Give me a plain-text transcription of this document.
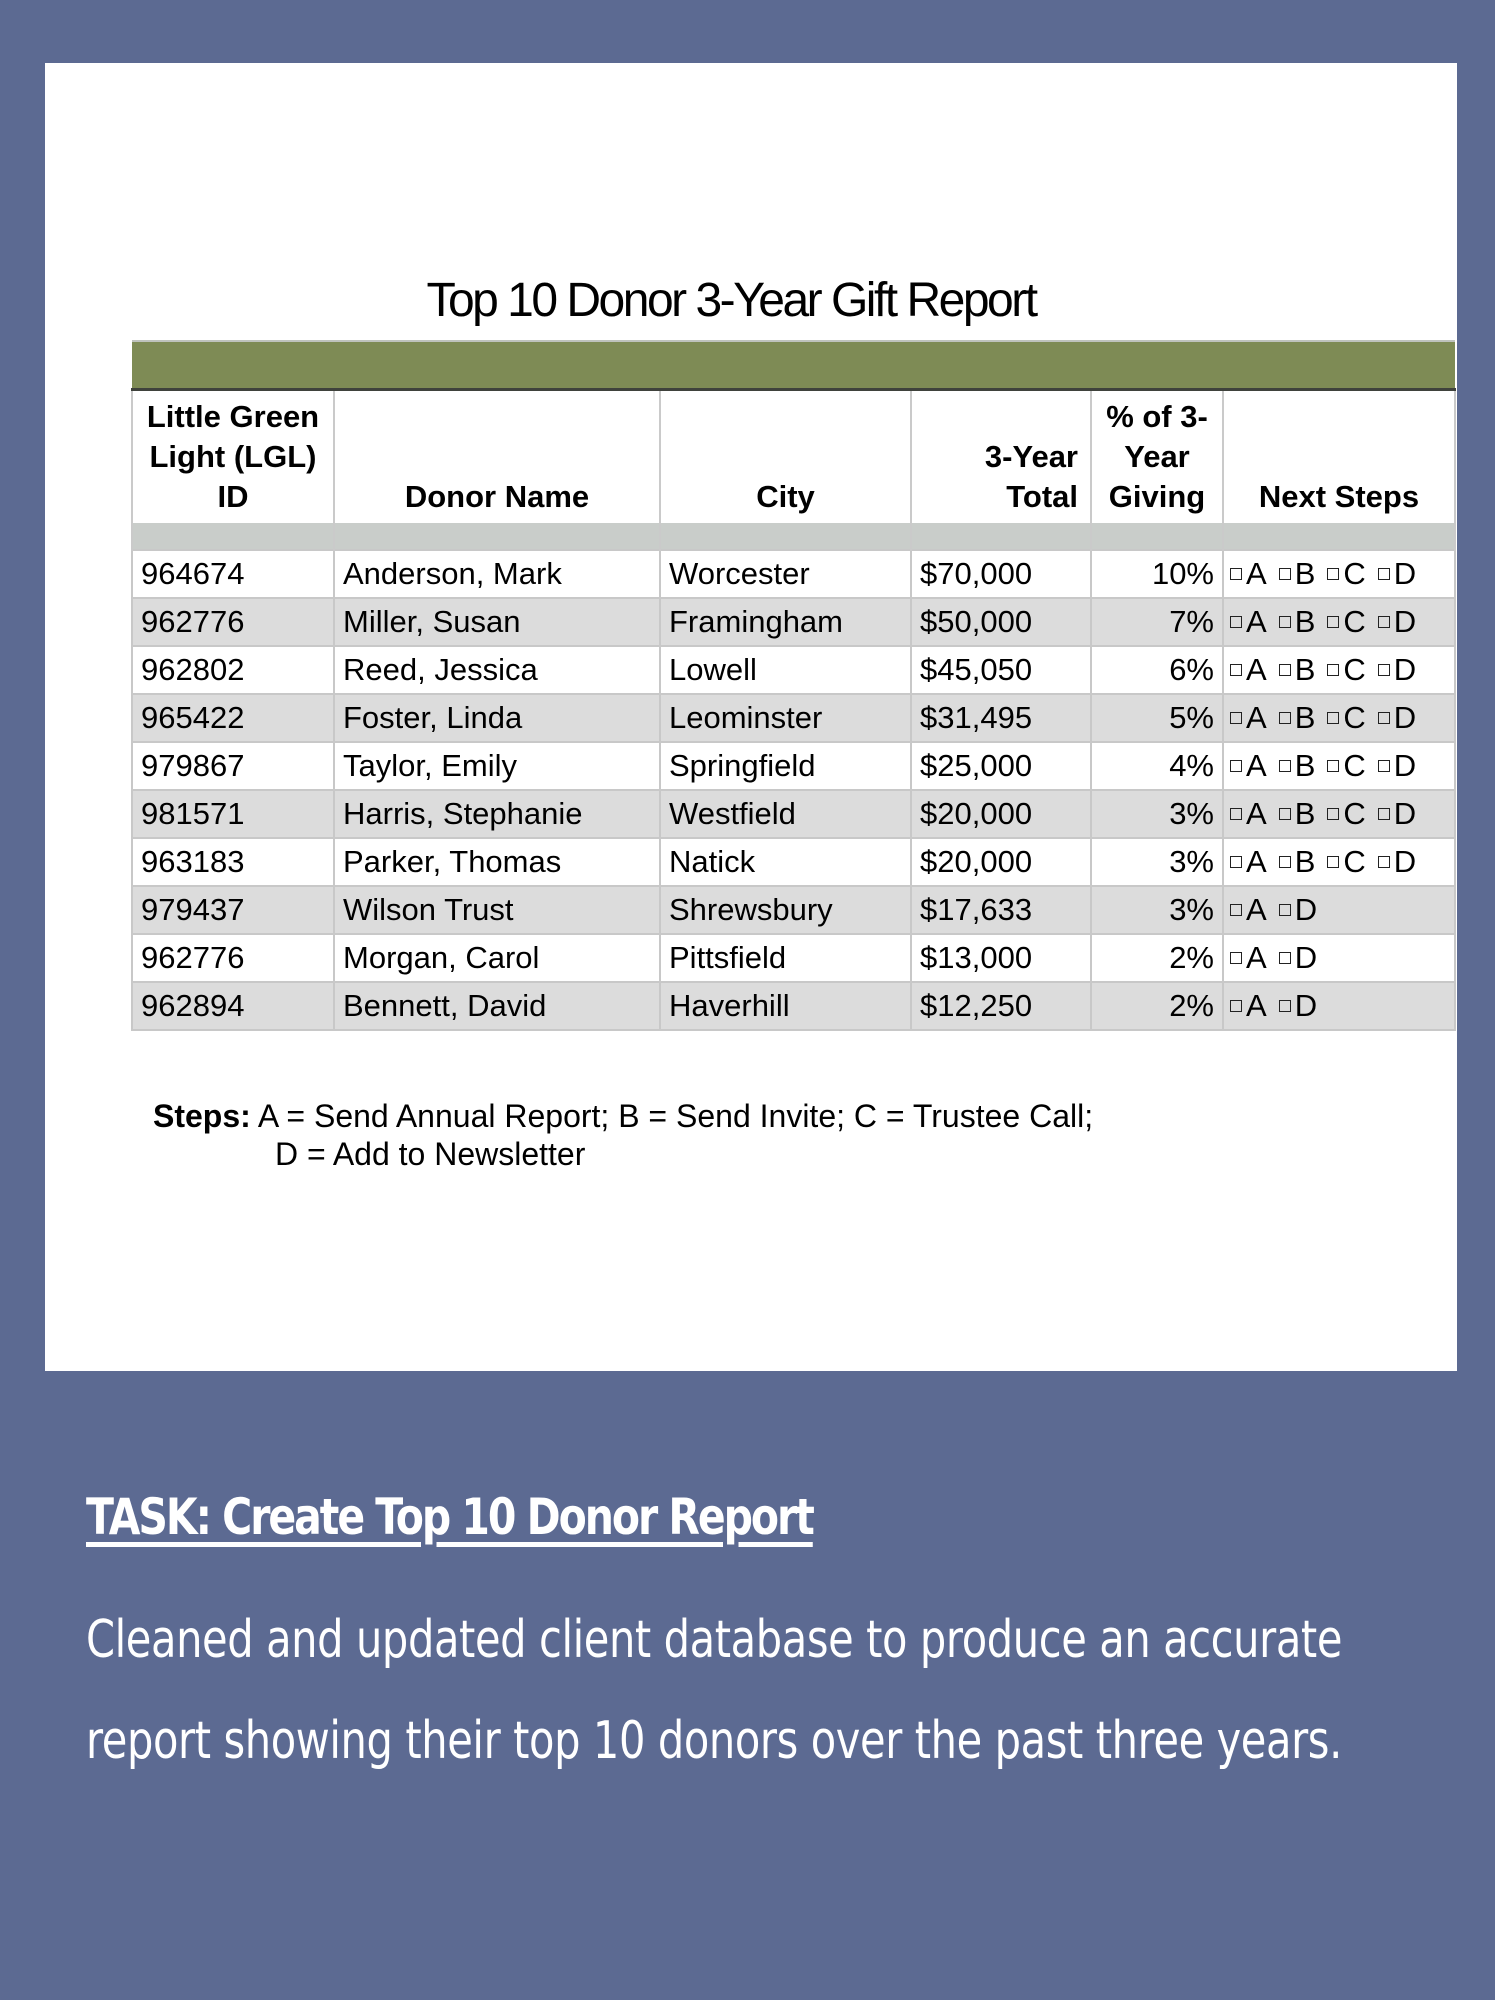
Top 10 Donor 3-Year Gift Report

Little Green Light (LGL) ID	Donor Name	City	3-Year Total	% of 3-Year Giving	Next Steps

964674	Anderson, Mark	Worcester	$70,000	10%	A B C D
962776	Miller, Susan	Framingham	$50,000	7%	A B C D
962802	Reed, Jessica	Lowell	$45,050	6%	A B C D
965422	Foster, Linda	Leominster	$31,495	5%	A B C D
979867	Taylor, Emily	Springfield	$25,000	4%	A B C D
981571	Harris, Stephanie	Westfield	$20,000	3%	A B C D
963183	Parker, Thomas	Natick	$20,000	3%	A B C D
979437	Wilson Trust	Shrewsbury	$17,633	3%	A D
962776	Morgan, Carol	Pittsfield	$13,000	2%	A D
962894	Bennett, David	Haverhill	$12,250	2%	A D
Steps: A = Send Annual Report; B = Send Invite; C = Trustee Call;
D = Add to Newsletter
TASK: Create Top 10 Donor Report
Cleaned and updated client database to produce an accurate report showing their top 10 donors over the past three years.
